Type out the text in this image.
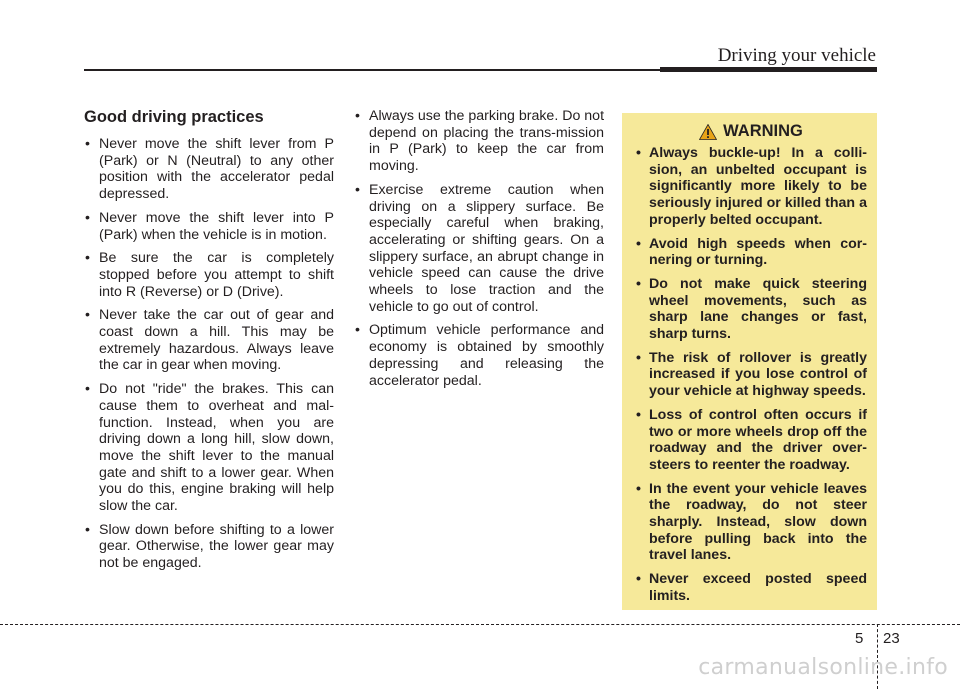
Driving your vehicle
Good driving practices
• Never move the shift lever from P (Park) or N (Neutral) to any other position with the accelerator pedal depressed.
• Never move the shift lever into P (Park) when the vehicle is in motion.
• Be sure the car is completely stopped before you attempt to shift into R (Reverse) or D (Drive).
• Never take the car out of gear and coast down a hill. This may be extremely hazardous. Always leave the car in gear when moving.
• Do not "ride" the brakes. This can cause them to overheat and mal-function. Instead, when you are driving down a long hill, slow down, move the shift lever to the manual gate and shift to a lower gear. When you do this, engine braking will help slow the car.
• Slow down before shifting to a lower gear. Otherwise, the lower gear may not be engaged.
• Always use the parking brake. Do not depend on placing the trans-mission in P (Park) to keep the car from moving.
• Exercise extreme caution when driving on a slippery surface. Be especially careful when braking, accelerating or shifting gears. On a slippery surface, an abrupt change in vehicle speed can cause the drive wheels to lose traction and the vehicle to go out of control.
• Optimum vehicle performance and economy is obtained by smoothly depressing and releasing the accelerator pedal.
WARNING
• Always buckle-up! In a colli-sion, an unbelted occupant is significantly more likely to be seriously injured or killed than a properly belted occupant.
• Avoid high speeds when cor-nering or turning.
• Do not make quick steering wheel movements, such as sharp lane changes or fast, sharp turns.
• The risk of rollover is greatly increased if you lose control of your vehicle at highway speeds.
• Loss of control often occurs if two or more wheels drop off the roadway and the driver over-steers to reenter the roadway.
• In the event your vehicle leaves the roadway, do not steer sharply. Instead, slow down before pulling back into the travel lanes.
• Never exceed posted speed limits.
5 23
carmanualsonline.info
